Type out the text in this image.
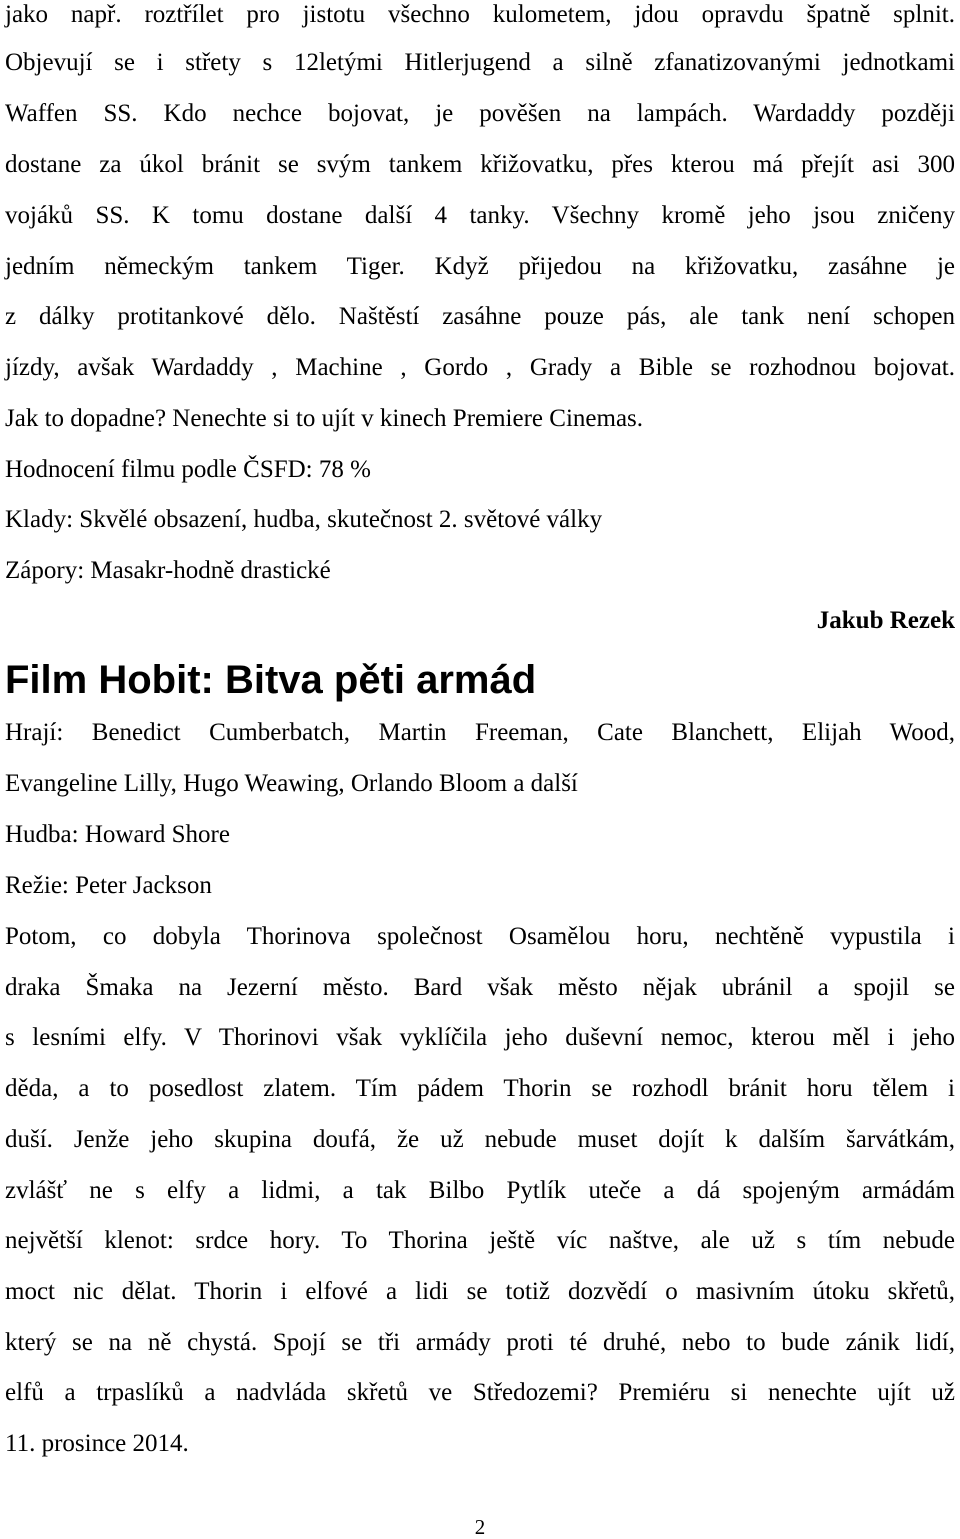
jako např. roztřílet pro jistotu všechno kulometem, jdou opravdu špatně splnit.
Objevují se i střety s 12letými Hitlerjugend a silně zfanatizovanými jednotkami
Waffen SS. Kdo nechce bojovat, je pověšen na lampách. Wardaddy později
dostane za úkol bránit se svým tankem křižovatku, přes kterou má přejít asi 300
vojáků SS. K tomu dostane další 4 tanky. Všechny kromě jeho jsou zničeny
jedním německým tankem Tiger. Když přijedou na křižovatku, zasáhne je
z dálky protitankové dělo. Naštěstí zasáhne pouze pás, ale tank není schopen
jízdy, avšak Wardaddy , Machine , Gordo , Grady a Bible se rozhodnou bojovat.
Jak to dopadne? Nenechte si to ujít v kinech Premiere Cinemas.
Hodnocení filmu podle ČSFD: 78 %
Klady: Skvělé obsazení, hudba, skutečnost 2. světové války
Zápory: Masakr-hodně drastické
Jakub Rezek
Film Hobit: Bitva pěti armád
Hrají: Benedict Cumberbatch, Martin Freeman, Cate Blanchett, Elijah Wood,
Evangeline Lilly, Hugo Weawing, Orlando Bloom a další
Hudba: Howard Shore
Režie: Peter Jackson
Potom, co dobyla Thorinova společnost Osamělou horu, nechtěně vypustila i
draka Šmaka na Jezerní město. Bard však město nějak ubránil a spojil se
s lesními elfy. V Thorinovi však vyklíčila jeho duševní nemoc, kterou měl i jeho
děda, a to posedlost zlatem. Tím pádem Thorin se rozhodl bránit horu tělem i
duší. Jenže jeho skupina doufá, že už nebude muset dojít k dalším šarvátkám,
zvlášť ne s elfy a lidmi, a tak Bilbo Pytlík uteče a dá spojeným armádám
největší klenot: srdce hory. To Thorina ještě víc naštve, ale už s tím nebude
moct nic dělat. Thorin i elfové a lidi se totiž dozvědí o masivním útoku skřetů,
který se na ně chystá. Spojí se tři armády proti té druhé, nebo to bude zánik lidí,
elfů a trpaslíků a nadvláda skřetů ve Středozemi? Premiéru si nenechte ujít už
11. prosince 2014.
2
